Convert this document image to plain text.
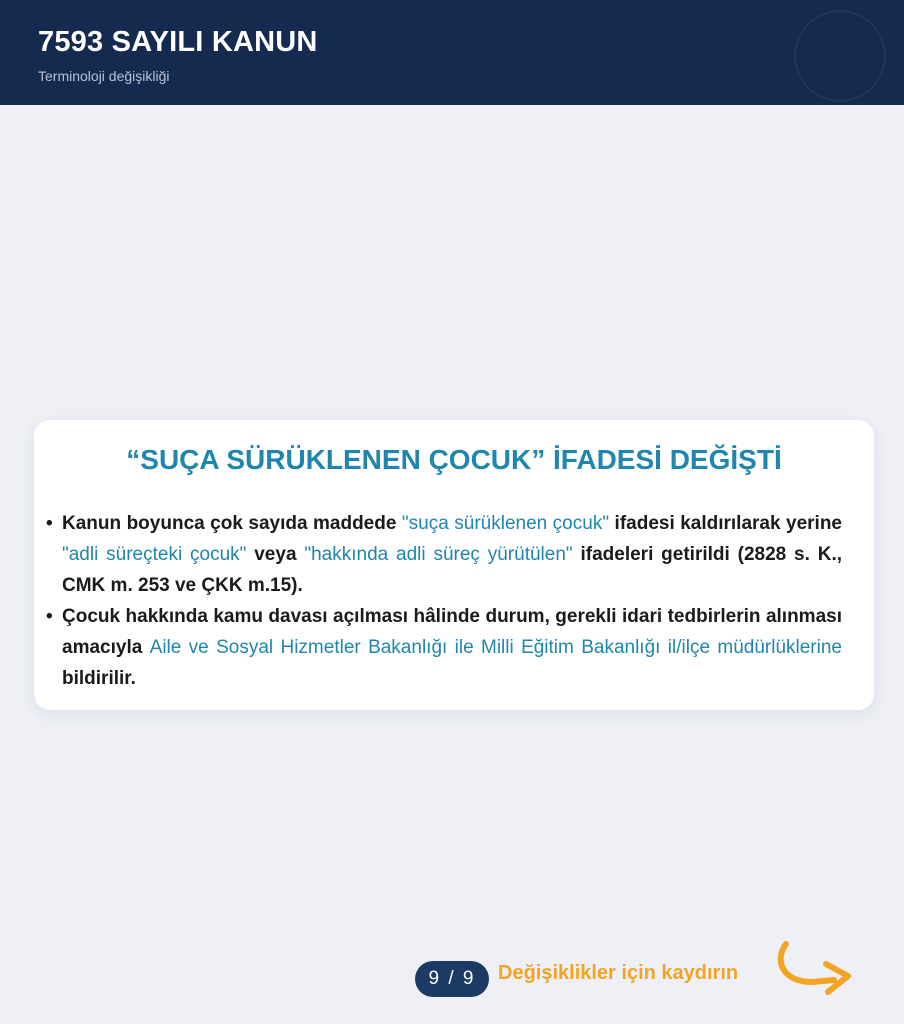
7593 SAYILI KANUN
Terminoloji değişikliği
“SUÇA SÜRÜKLENEN ÇOCUK” İFADESİ DEĞİŞTİ
• Kanun boyunca çok sayıda maddede "suça sürüklenen çocuk" ifadesi kaldırılarak yerine "adli süreçteki çocuk" veya "hakkında adli süreç yürütülen" ifadeleri getirildi (2828 s. K., CMK m. 253 ve ÇKK m.15).
• Çocuk hakkında kamu davası açılması hâlinde durum, gerekli idari tedbirlerin alınması amacıyla Aile ve Sosyal Hizmetler Bakanlığı ile Milli Eğitim Bakanlığı il/ilçe müdürlüklerine bildirilir.
9 / 9	Değişiklikler için kaydırın
